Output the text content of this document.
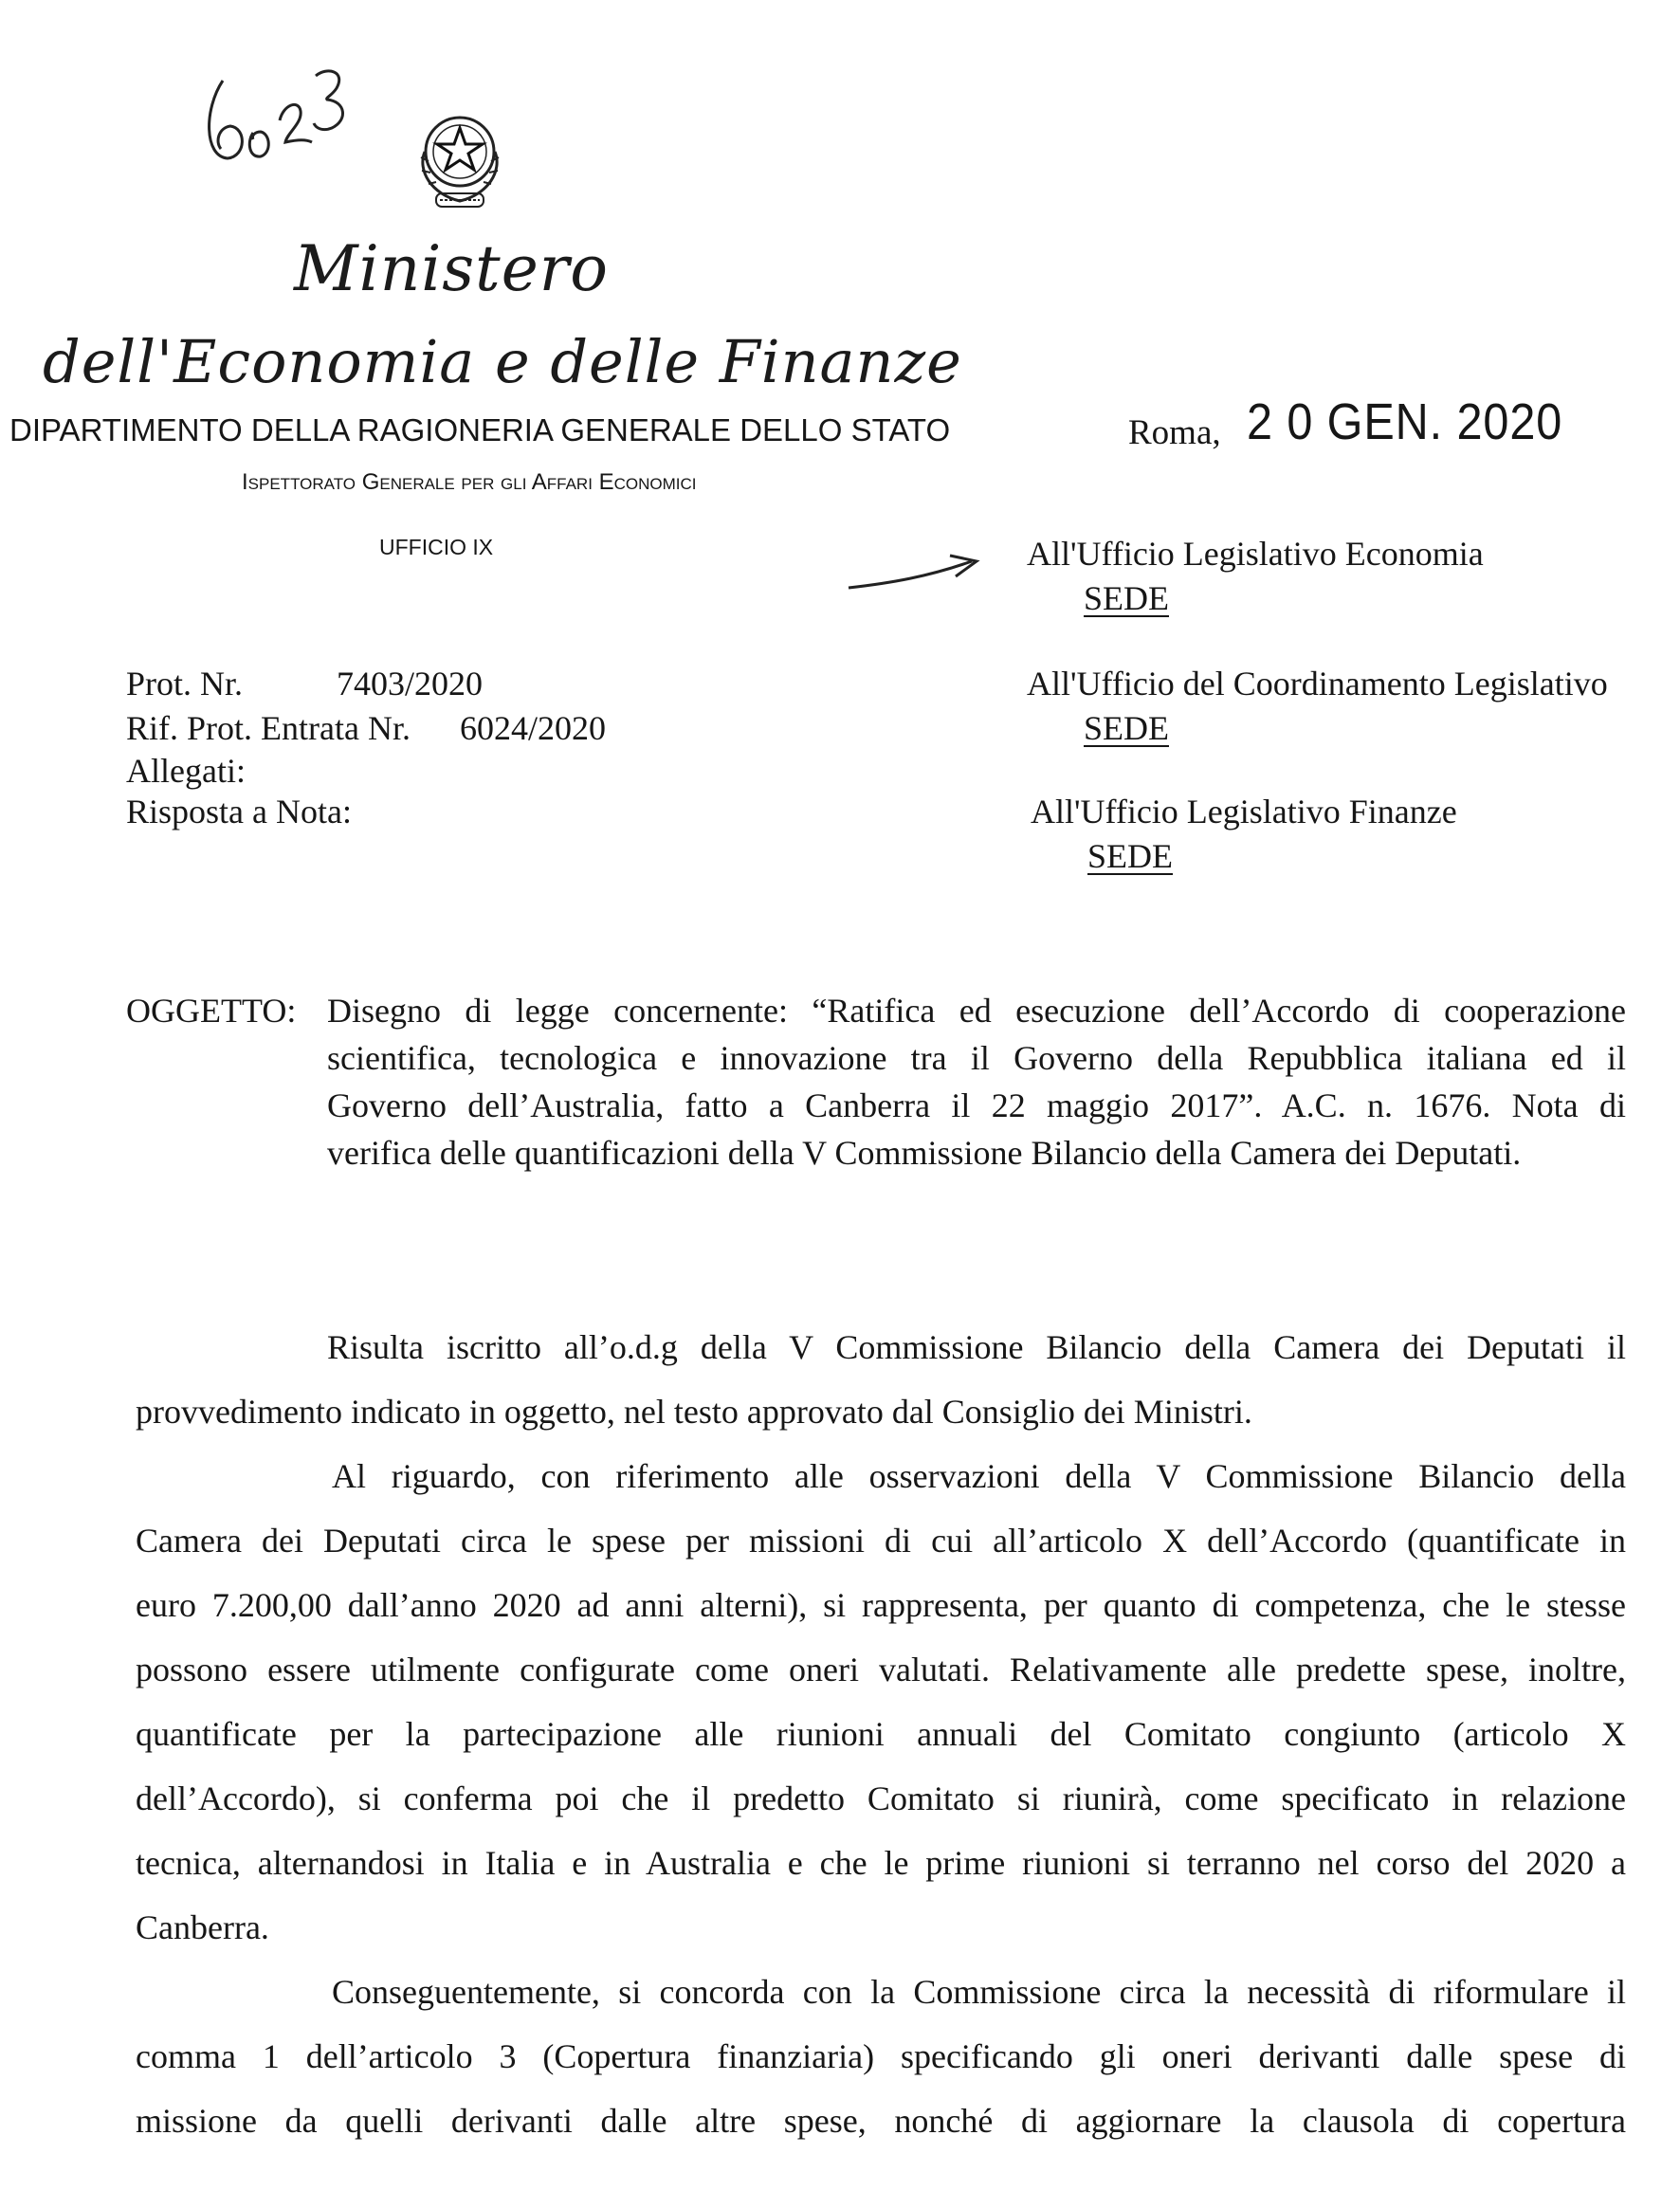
Ministero
dell'Economia e delle Finanze
DIPARTIMENTO DELLA RAGIONERIA GENERALE DELLO STATO
Ispettorato Generale per gli Affari Economici
UFFICIO IX
Roma, 2 0 GEN. 2020
All'Ufficio Legislativo Economia
SEDE
All'Ufficio del Coordinamento Legislativo
SEDE
All'Ufficio Legislativo Finanze
SEDE
Prot. Nr.	7403/2020
Rif. Prot. Entrata Nr. 6024/2020
Allegati:
Risposta a Nota:
OGGETTO: Disegno di legge concernente: “Ratifica ed esecuzione dell’Accordo di cooperazione
scientifica, tecnologica e innovazione tra il Governo della Repubblica italiana ed il
Governo dell’Australia, fatto a Canberra il 22 maggio 2017”. A.C. n. 1676. Nota di
verifica delle quantificazioni della V Commissione Bilancio della Camera dei Deputati.
Risulta iscritto all’o.d.g della V Commissione Bilancio della Camera dei Deputati il
provvedimento indicato in oggetto, nel testo approvato dal Consiglio dei Ministri.
Al riguardo, con riferimento alle osservazioni della V Commissione Bilancio della
Camera dei Deputati circa le spese per missioni di cui all’articolo X dell’Accordo (quantificate in
euro 7.200,00 dall’anno 2020 ad anni alterni), si rappresenta, per quanto di competenza, che le stesse
possono essere utilmente configurate come oneri valutati. Relativamente alle predette spese, inoltre,
quantificate per la partecipazione alle riunioni annuali del Comitato congiunto (articolo X
dell’Accordo), si conferma poi che il predetto Comitato si riunirà, come specificato in relazione
tecnica, alternandosi in Italia e in Australia e che le prime riunioni si terranno nel corso del 2020 a
Canberra.
Conseguentemente, si concorda con la Commissione circa la necessità di riformulare il
comma 1 dell’articolo 3 (Copertura finanziaria) specificando gli oneri derivanti dalle spese di
missione da quelli derivanti dalle altre spese, nonché di aggiornare la clausola di copertura
